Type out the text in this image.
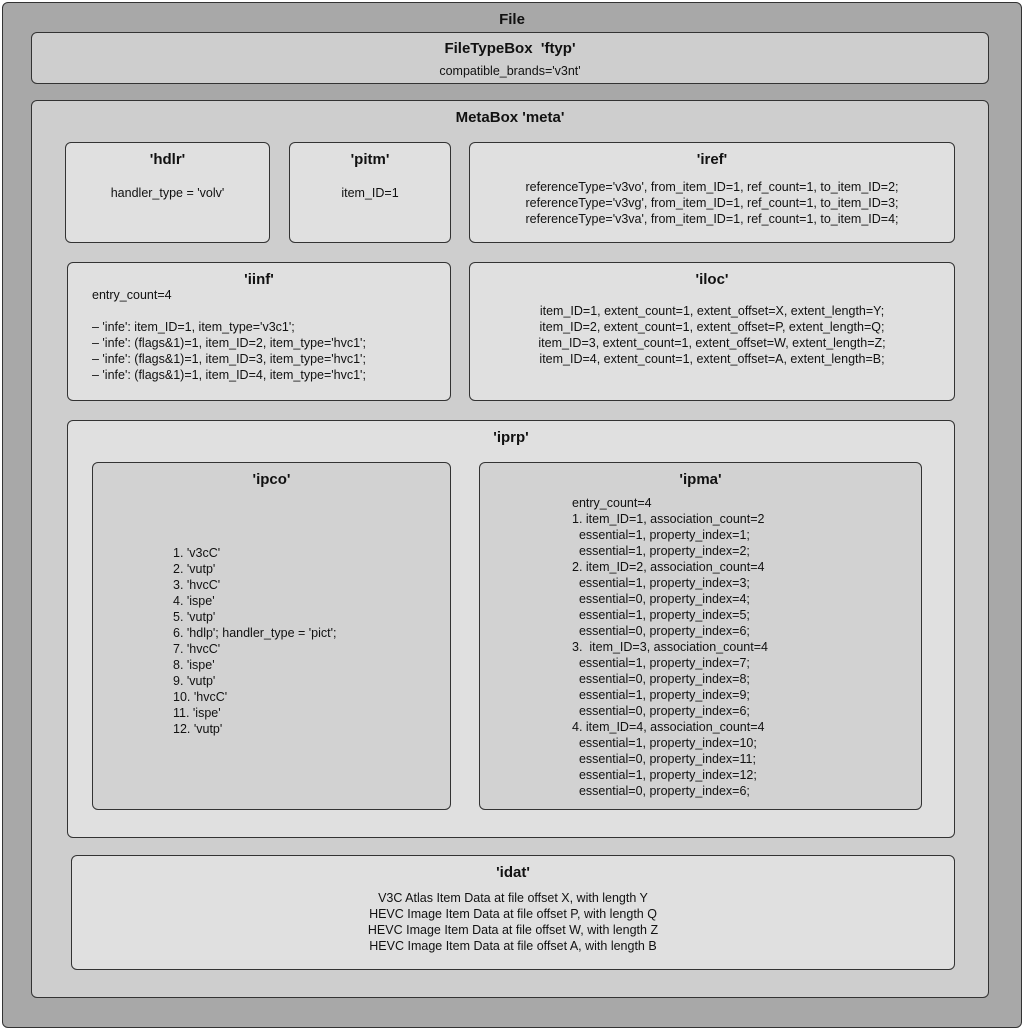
File
FileTypeBox  'ftyp'
compatible_brands='v3nt'
MetaBox 'meta'
'hdlr'
handler_type = 'volv'
'pitm'
item_ID=1
'iref'
referenceType='v3vo', from_item_ID=1, ref_count=1, to_item_ID=2;
referenceType='v3vg', from_item_ID=1, ref_count=1, to_item_ID=3;
referenceType='v3va', from_item_ID=1, ref_count=1, to_item_ID=4;
'iinf'
entry_count=4

– 'infe': item_ID=1, item_type='v3c1';
– 'infe': (flags&1)=1, item_ID=2, item_type='hvc1';
– 'infe': (flags&1)=1, item_ID=3, item_type='hvc1';
– 'infe': (flags&1)=1, item_ID=4, item_type='hvc1';
'iloc'
item_ID=1, extent_count=1, extent_offset=X, extent_length=Y;
item_ID=2, extent_count=1, extent_offset=P, extent_length=Q;
item_ID=3, extent_count=1, extent_offset=W, extent_length=Z;
item_ID=4, extent_count=1, extent_offset=A, extent_length=B;
'iprp'
'ipco'
1. 'v3cC'
2. 'vutp'
3. 'hvcC'
4. 'ispe'
5. 'vutp'
6. 'hdlp'; handler_type = 'pict';
7. 'hvcC'
8. 'ispe'
9. 'vutp'
10. 'hvcC'
11. 'ispe'
12. 'vutp'
'ipma'
entry_count=4
1. item_ID=1, association_count=2
essential=1, property_index=1;
essential=1, property_index=2;
2. item_ID=2, association_count=4
essential=1, property_index=3;
essential=0, property_index=4;
essential=1, property_index=5;
essential=0, property_index=6;
3.  item_ID=3, association_count=4
essential=1, property_index=7;
essential=0, property_index=8;
essential=1, property_index=9;
essential=0, property_index=6;
4. item_ID=4, association_count=4
essential=1, property_index=10;
essential=0, property_index=11;
essential=1, property_index=12;
essential=0, property_index=6;
'idat'
V3C Atlas Item Data at file offset X, with length Y
HEVC Image Item Data at file offset P, with length Q
HEVC Image Item Data at file offset W, with length Z
HEVC Image Item Data at file offset A, with length B
